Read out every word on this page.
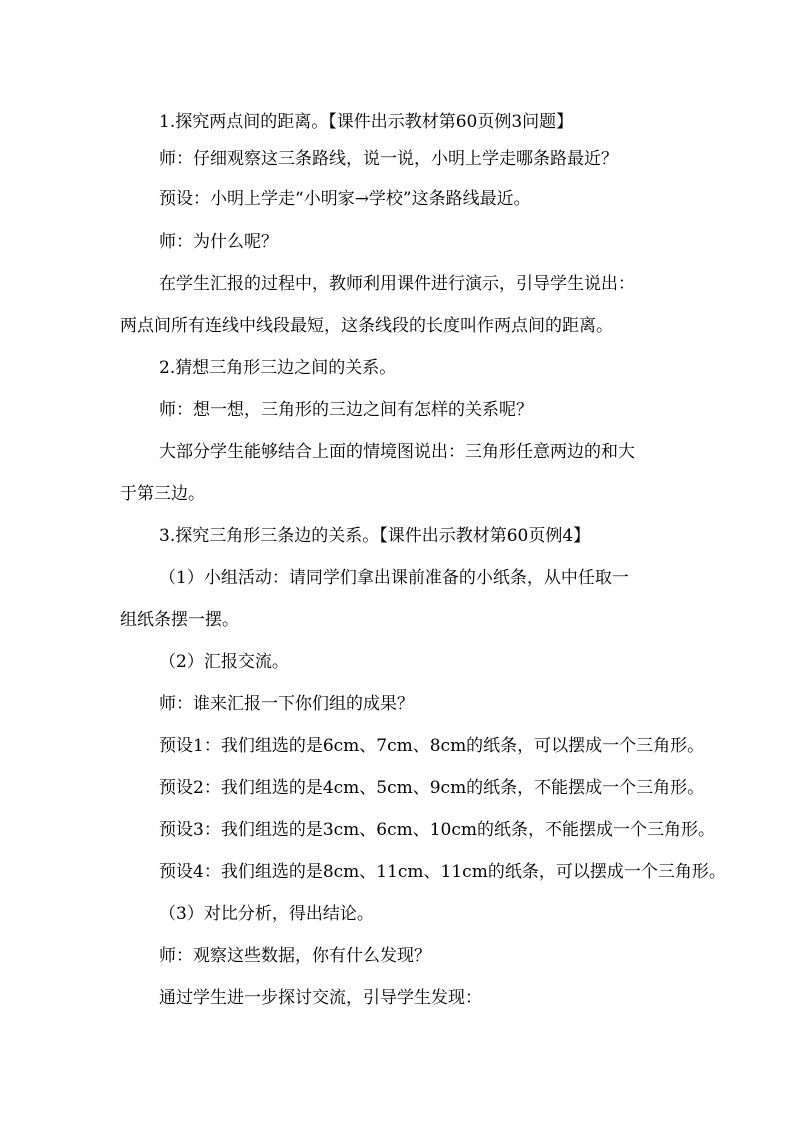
1.探究两点间的距离。【课件出示教材第60页例3问题】
师：仔细观察这三条路线，说一说，小明上学走哪条路最近？
预设：小明上学走“小明家→学校”这条路线最近。
师：为什么呢？
在学生汇报的过程中，教师利用课件进行演示，引导学生说出：
两点间所有连线中线段最短，这条线段的长度叫作两点间的距离。
2.猜想三角形三边之间的关系。
师：想一想，三角形的三边之间有怎样的关系呢？
大部分学生能够结合上面的情境图说出：三角形任意两边的和大
于第三边。
3.探究三角形三条边的关系。【课件出示教材第60页例4】
（1）小组活动：请同学们拿出课前准备的小纸条，从中任取一
组纸条摆一摆。
（2）汇报交流。
师：谁来汇报一下你们组的成果？
预设1：我们组选的是6cm、7cm、8cm的纸条，可以摆成一个三角形。
预设2：我们组选的是4cm、5cm、9cm的纸条，不能摆成一个三角形。
预设3：我们组选的是3cm、6cm、10cm的纸条，不能摆成一个三角形。
预设4：我们组选的是8cm、11cm、11cm的纸条，可以摆成一个三角形。
（3）对比分析，得出结论。
师：观察这些数据，你有什么发现？
通过学生进一步探讨交流，引导学生发现：
